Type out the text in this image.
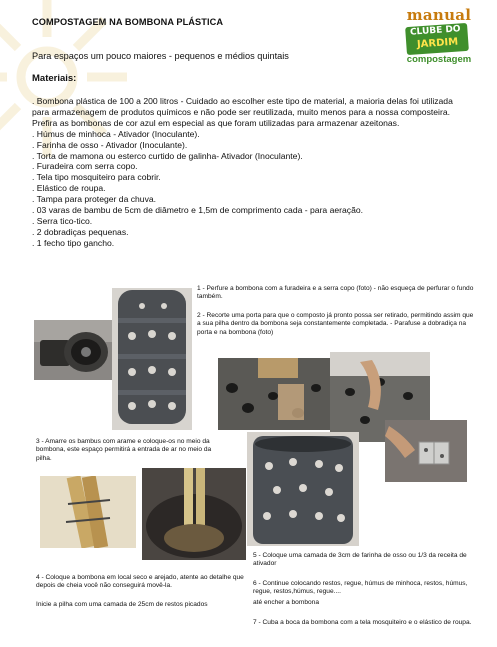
COMPOSTAGEM NA BOMBONA PLÁSTICA	manual
CLUBE DO
JARDIM
compostagem
Para espaços um pouco maiores - pequenos e médios quintais
Materiais:
. Bombona plástica de 100 a 200 litros - Cuidado ao escolher este tipo de material, a maioria delas foi utilizada para armazenagem de produtos químicos e não pode ser reutilizada, muito menos para a nossa composteira. Prefira as bombonas de cor azul em especial as que foram utilizadas para armazenar azeitonas.
. Húmus de minhoca - Ativador (Inoculante).
. Farinha de osso - Ativador (Inoculante).
. Torta de mamona ou esterco curtido de galinha- Ativador (Inoculante).
. Furadeira com serra copo.
. Tela tipo mosquiteiro para cobrir.
. Elástico de roupa.
. Tampa para proteger da chuva.
. 03 varas de bambu de 5cm de diâmetro e 1,5m de comprimento cada - para aeração.
. Serra tico-tico.
. 2 dobradiças pequenas.
. 1 fecho tipo gancho.
1 - Perfure a bombona com a furadeira e a serra copo (foto) - não esqueça de perfurar o fundo também.
2 - Recorte uma porta para que o composto já pronto possa ser retirado, permitindo assim que a sua pilha dentro da bombona seja constantemente completada. - Parafuse a dobradiça na porta e na bombona (foto)
3 - Amarre os bambus com arame e coloque-os no meio da bombona, este espaço permitirá a entrada de ar no meio da pilha.
4 - Coloque a bombona em local seco e arejado, atente ao detalhe que depois de cheia você não conseguirá movê-la.
Inicie a pilha com uma camada de 25cm de restos picados
5 - Coloque uma camada de 3cm de farinha de osso ou 1/3 da receita de ativador
6 - Continue colocando restos, regue, húmus de minhoca, restos, húmus, regue, restos,húmus, regue....
até encher a bombona
7 - Cuba a boca da bombona com a tela mosquiteiro e o elástico de roupa.
